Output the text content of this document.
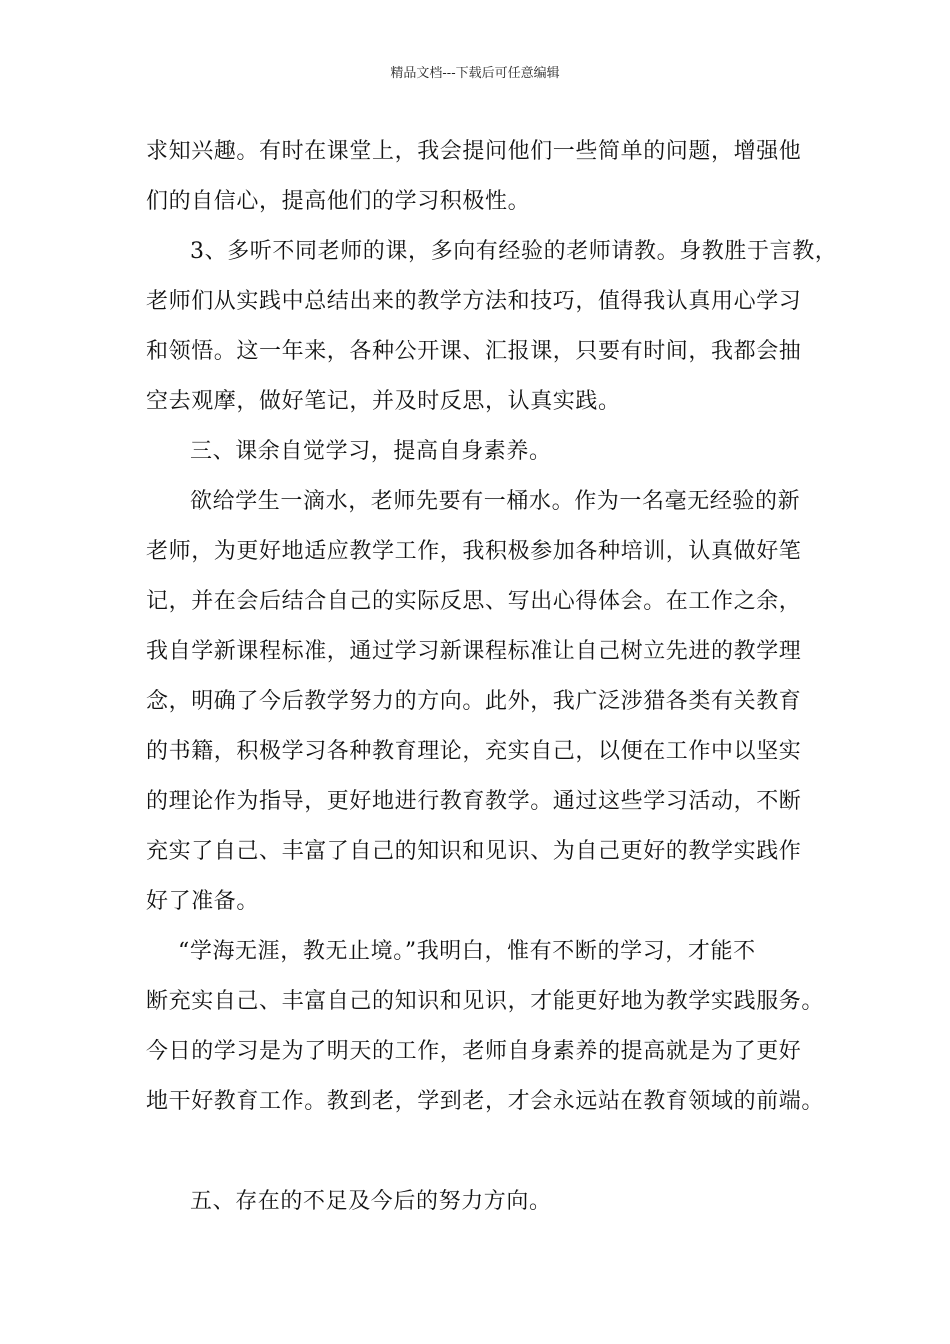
精品文档---下载后可任意编辑
求知兴趣。有时在课堂上，我会提问他们一些简单的问题，增强他
们的自信心，提高他们的学习积极性。
3、多听不同老师的课，多向有经验的老师请教。身教胜于言教，
老师们从实践中总结出来的教学方法和技巧，值得我认真用心学习
和领悟。这一年来，各种公开课、汇报课，只要有时间，我都会抽
空去观摩，做好笔记，并及时反思，认真实践。
三、课余自觉学习，提高自身素养。
欲给学生一滴水，老师先要有一桶水。作为一名毫无经验的新
老师，为更好地适应教学工作，我积极参加各种培训，认真做好笔
记，并在会后结合自己的实际反思、写出心得体会。在工作之余，
我自学新课程标准，通过学习新课程标准让自己树立先进的教学理
念，明确了今后教学努力的方向。此外，我广泛涉猎各类有关教育
的书籍，积极学习各种教育理论，充实自己，以便在工作中以坚实
的理论作为指导，更好地进行教育教学。通过这些学习活动，不断
充实了自己、丰富了自己的知识和见识、为自己更好的教学实践作
好了准备。
“学海无涯，教无止境。”我明白，惟有不断的学习，才能不
断充实自己、丰富自己的知识和见识，才能更好地为教学实践服务。
今日的学习是为了明天的工作，老师自身素养的提高就是为了更好
地干好教育工作。教到老，学到老，才会永远站在教育领域的前端。
五、存在的不足及今后的努力方向。
